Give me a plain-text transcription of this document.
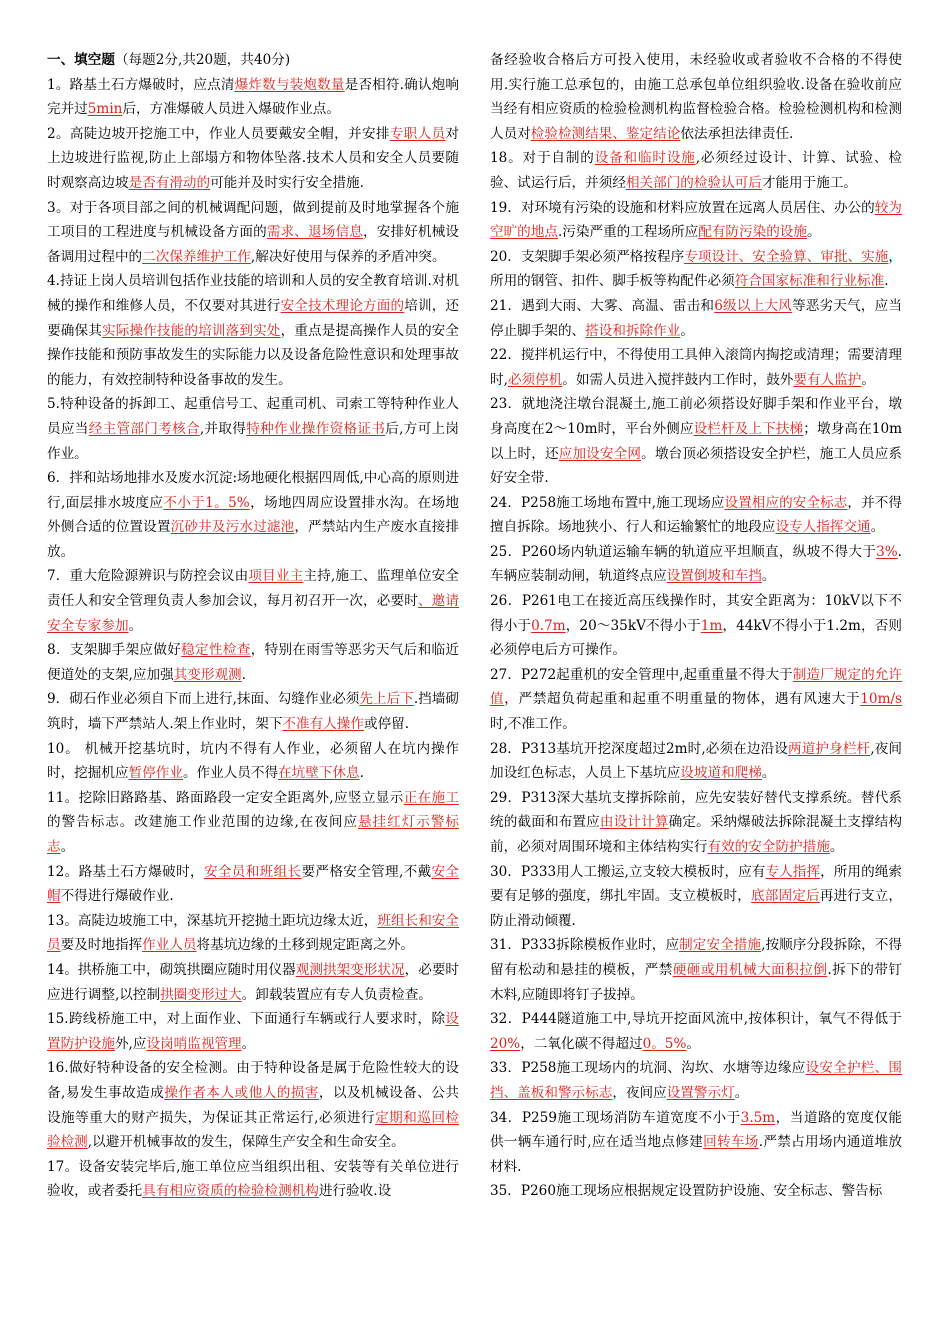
一、填空题（每题2分,共20题，共40分)

1。路基土石方爆破时，应点清爆炸数与装炮数量是否相符.确认炮响完并过5min后，方准爆破人员进入爆破作业点。

2。高陡边坡开挖施工中，作业人员要戴安全帽，并安排专职人员对上边坡进行监视,防止上部塌方和物体坠落.技术人员和安全人员要随时观察高边坡是否有滑动的可能并及时实行安全措施.

3。对于各项目部之间的机械调配问题，做到提前及时地掌握各个施工项目的工程进度与机械设备方面的需求、退场信息，安排好机械设备调用过程中的二次保养维护工作,解决好使用与保养的矛盾冲突。

4.持证上岗人员培训包括作业技能的培训和人员的安全教育培训.对机械的操作和维修人员，不仅要对其进行安全技术理论方面的培训，还要确保其实际操作技能的培训落到实处，重点是提高操作人员的安全操作技能和预防事故发生的实际能力以及设备危险性意识和处理事故的能力，有效控制特种设备事故的发生。

5.特种设备的拆卸工、起重信号工、起重司机、司索工等特种作业人员应当经主管部门考核合,并取得特种作业操作资格证书后,方可上岗作业。

6．拌和站场地排水及废水沉淀:场地硬化根据四周低,中心高的原则进行,面层排水坡度应不小于1。5%，场地四周应设置排水沟。在场地外侧合适的位置设置沉砂井及污水过滤池，严禁站内生产废水直接排放。

7．重大危险源辨识与防控会议由项目业主主持,施工、监理单位安全责任人和安全管理负责人参加会议，每月初召开一次，必要时、邀请安全专家参加。

8．支架脚手架应做好稳定性检查，特别在雨雪等恶劣天气后和临近便道处的支架,应加强其变形观测.

9．砌石作业必须自下而上进行,抹面、勾缝作业必须先上后下.挡墙砌筑时，墙下严禁站人.架上作业时，架下不准有人操作或停留.

10。 机械开挖基坑时，坑内不得有人作业，必须留人在坑内操作时，挖掘机应暂停作业。作业人员不得在坑壁下休息.

11。挖除旧路路基、路面路段一定安全距离外,应竖立显示正在施工的警告标志。改建施工作业范围的边缘,在夜间应悬挂红灯示警标志。

12。路基土石方爆破时，安全员和班组长要严格安全管理,不戴安全帽不得进行爆破作业.

13。高陡边坡施工中，深基坑开挖抛土距坑边缘太近，班组长和安全员要及时地指挥作业人员将基坑边缘的土移到规定距离之外。

14。拱桥施工中，砌筑拱圈应随时用仪器观测拱架变形状况，必要时应进行调整,以控制拱圈变形过大。卸载装置应有专人负责检查。

15.跨线桥施工中，对上面作业、下面通行车辆或行人要求时，除设置防护设施外,应设岗哨监视管理。

16.做好特种设备的安全检测。由于特种设备是属于危险性较大的设备,易发生事故造成操作者本人或他人的损害，以及机械设备、公共设施等重大的财产损失，为保证其正常运行,必须进行定期和巡回检验检测,以避开机械事故的发生，保障生产安全和生命安全。

17。设备安装完毕后,施工单位应当组织出租、安装等有关单位进行验收，或者委托具有相应资质的检验检测机构进行验收.设

备经验收合格后方可投入使用，未经验收或者验收不合格的不得使用.实行施工总承包的，由施工总承包单位组织验收.设备在验收前应当经有相应资质的检验检测机构监督检验合格。检验检测机构和检测人员对检验检测结果、鉴定结论依法承担法律责任.

18。对于自制的设备和临时设施,必须经过设计、计算、试验、检验、试运行后，并须经相关部门的检验认可后才能用于施工。

19．对环境有污染的设施和材料应放置在远离人员居住、办公的较为空旷的地点.污染严重的工程场所应配有防污染的设施。

20．支架脚手架必须严格按程序专项设计、安全验算、审批、实施，所用的钢管、扣件、脚手板等构配件必须符合国家标准和行业标准.

21．遇到大雨、大雾、高温、雷击和6级以上大风等恶劣天气，应当停止脚手架的、搭设和拆除作业。

22．搅拌机运行中，不得使用工具伸入滚筒内掏挖或清理；需要清理时,必须停机。如需人员进入搅拌鼓内工作时，鼓外要有人监护。

23．就地浇注墩台混凝土,施工前必须搭设好脚手架和作业平台，墩身高度在2～10m时，平台外侧应设栏杆及上下扶梯；墩身高在10m以上时，还应加设安全网。墩台顶必须搭设安全护栏，施工人员应系好安全带.

24．P258施工场地布置中,施工现场应设置相应的安全标志，并不得擅自拆除。场地狭小、行人和运输繁忙的地段应设专人指挥交通。

25．P260场内轨道运输车辆的轨道应平坦顺直，纵坡不得大于3%.车辆应装制动闸，轨道终点应设置倒坡和车挡。

26．P261电工在接近高压线操作时，其安全距离为：10kV以下不得小于0.7m，20～35kV不得小于1m，44kV不得小于1.2m，否则必须停电后方可操作。

27．P272起重机的安全管理中,起重重量不得大于制造厂规定的允许值，严禁超负荷起重和起重不明重量的物体，遇有风速大于10m/s时,不准工作。

28．P313基坑开挖深度超过2m时,必须在边沿设两道护身栏杆,夜间加设红色标志，人员上下基坑应设坡道和爬梯。

29．P313深大基坑支撑拆除前，应先安装好替代支撑系统。替代系统的截面和布置应由设计计算确定。采纳爆破法拆除混凝土支撑结构前，必须对周围环境和主体结构实行有效的安全防护措施。

30．P333用人工搬运,立支较大模板时，应有专人指挥，所用的绳索要有足够的强度，绑扎牢固。支立模板时，底部固定后再进行支立，防止滑动倾覆.

31．P333拆除模板作业时，应制定安全措施,按顺序分段拆除，不得留有松动和悬挂的模板，严禁硬砸或用机械大面积拉倒.拆下的带钉木料,应随即将钉子拔掉。

32．P444隧道施工中,导坑开挖面风流中,按体积计，氧气不得低于20%，二氧化碳不得超过0。5%。

33．P258施工现场内的坑洞、沟坎、水塘等边缘应设安全护栏、围挡、盖板和警示标志，夜间应设置警示灯。

34．P259施工现场消防车道宽度不小于3.5m，当道路的宽度仅能供一辆车通行时,应在适当地点修建回转车场.严禁占用场内通道堆放材料.

35．P260施工现场应根据规定设置防护设施、安全标志、警告标
